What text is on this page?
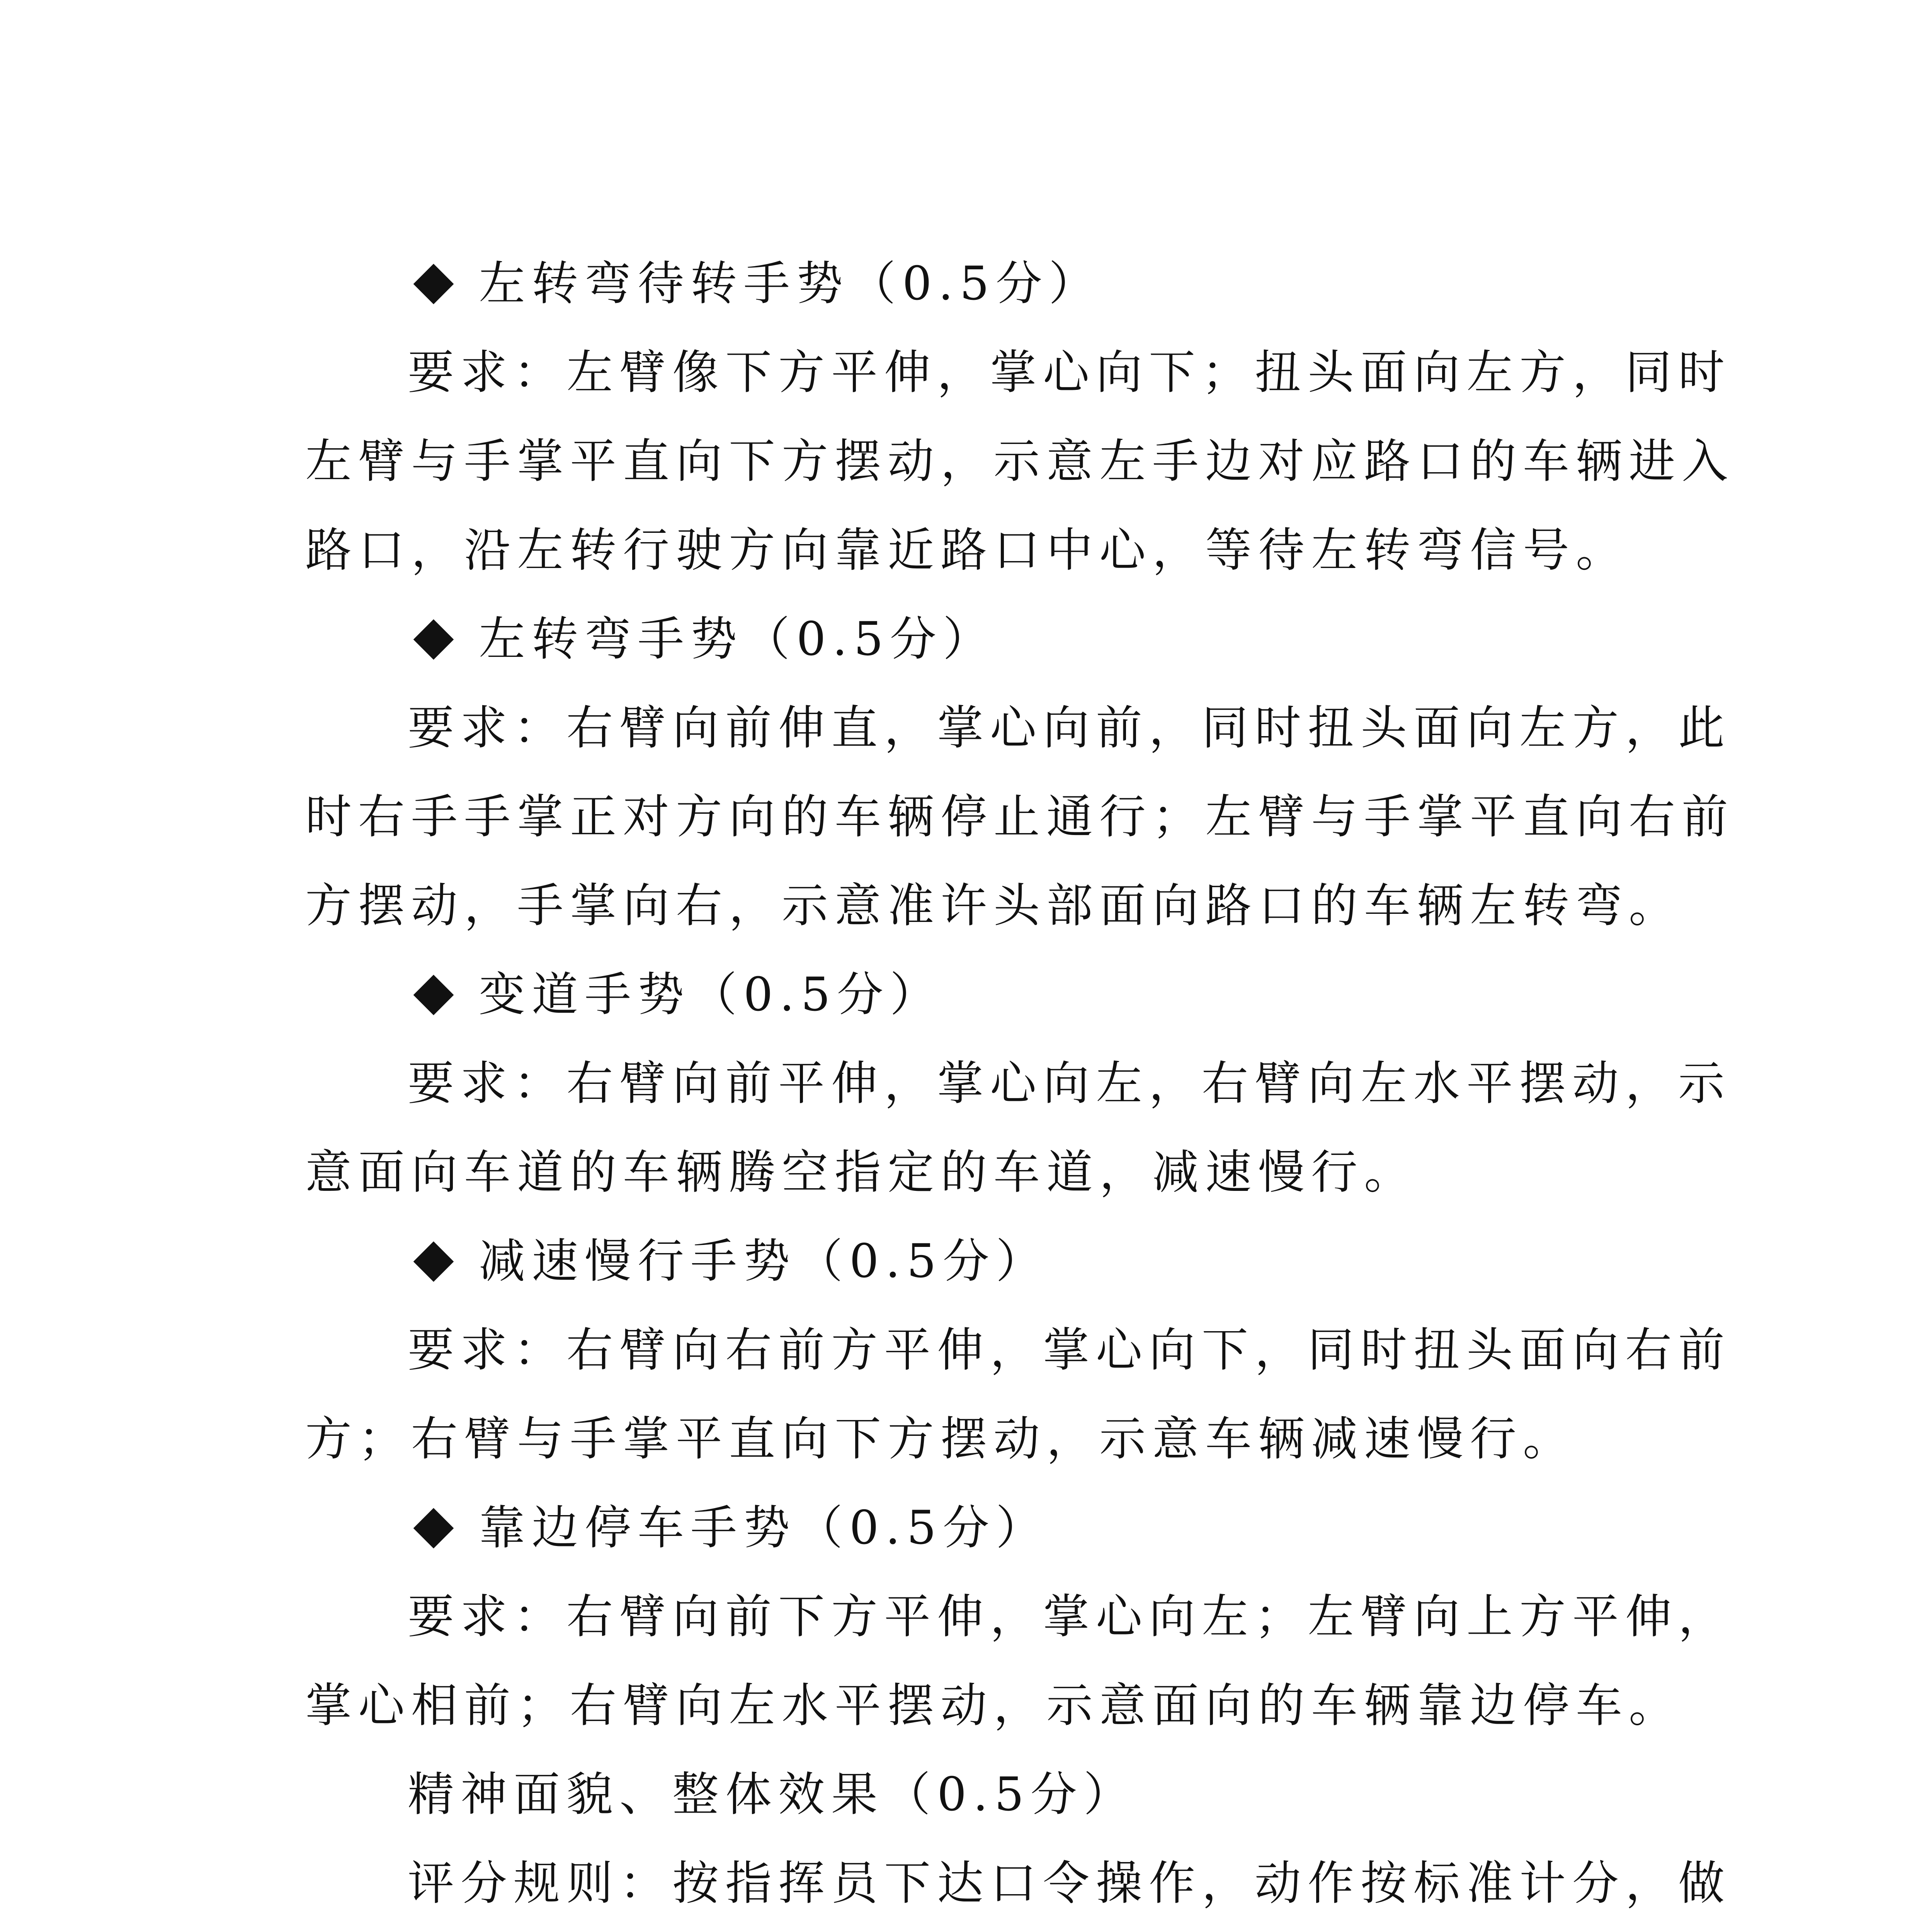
左转弯待转手势（0.5分）
要求：左臂像下方平伸，掌心向下；扭头面向左方，同时
左臂与手掌平直向下方摆动，示意左手边对应路口的车辆进入
路口，沿左转行驶方向靠近路口中心，等待左转弯信号。
左转弯手势（0.5分）
要求：右臂向前伸直，掌心向前，同时扭头面向左方，此
时右手手掌正对方向的车辆停止通行；左臂与手掌平直向右前
方摆动，手掌向右，示意准许头部面向路口的车辆左转弯。
变道手势（0.5分）
要求：右臂向前平伸，掌心向左，右臂向左水平摆动，示
意面向车道的车辆腾空指定的车道，减速慢行。
减速慢行手势（0.5分）
要求：右臂向右前方平伸，掌心向下，同时扭头面向右前
方；右臂与手掌平直向下方摆动，示意车辆减速慢行。
靠边停车手势（0.5分）
要求：右臂向前下方平伸，掌心向左；左臂向上方平伸，
掌心相前；右臂向左水平摆动，示意面向的车辆靠边停车。
精神面貌、整体效果（0.5分）
评分规则：按指挥员下达口令操作，动作按标准计分，做
